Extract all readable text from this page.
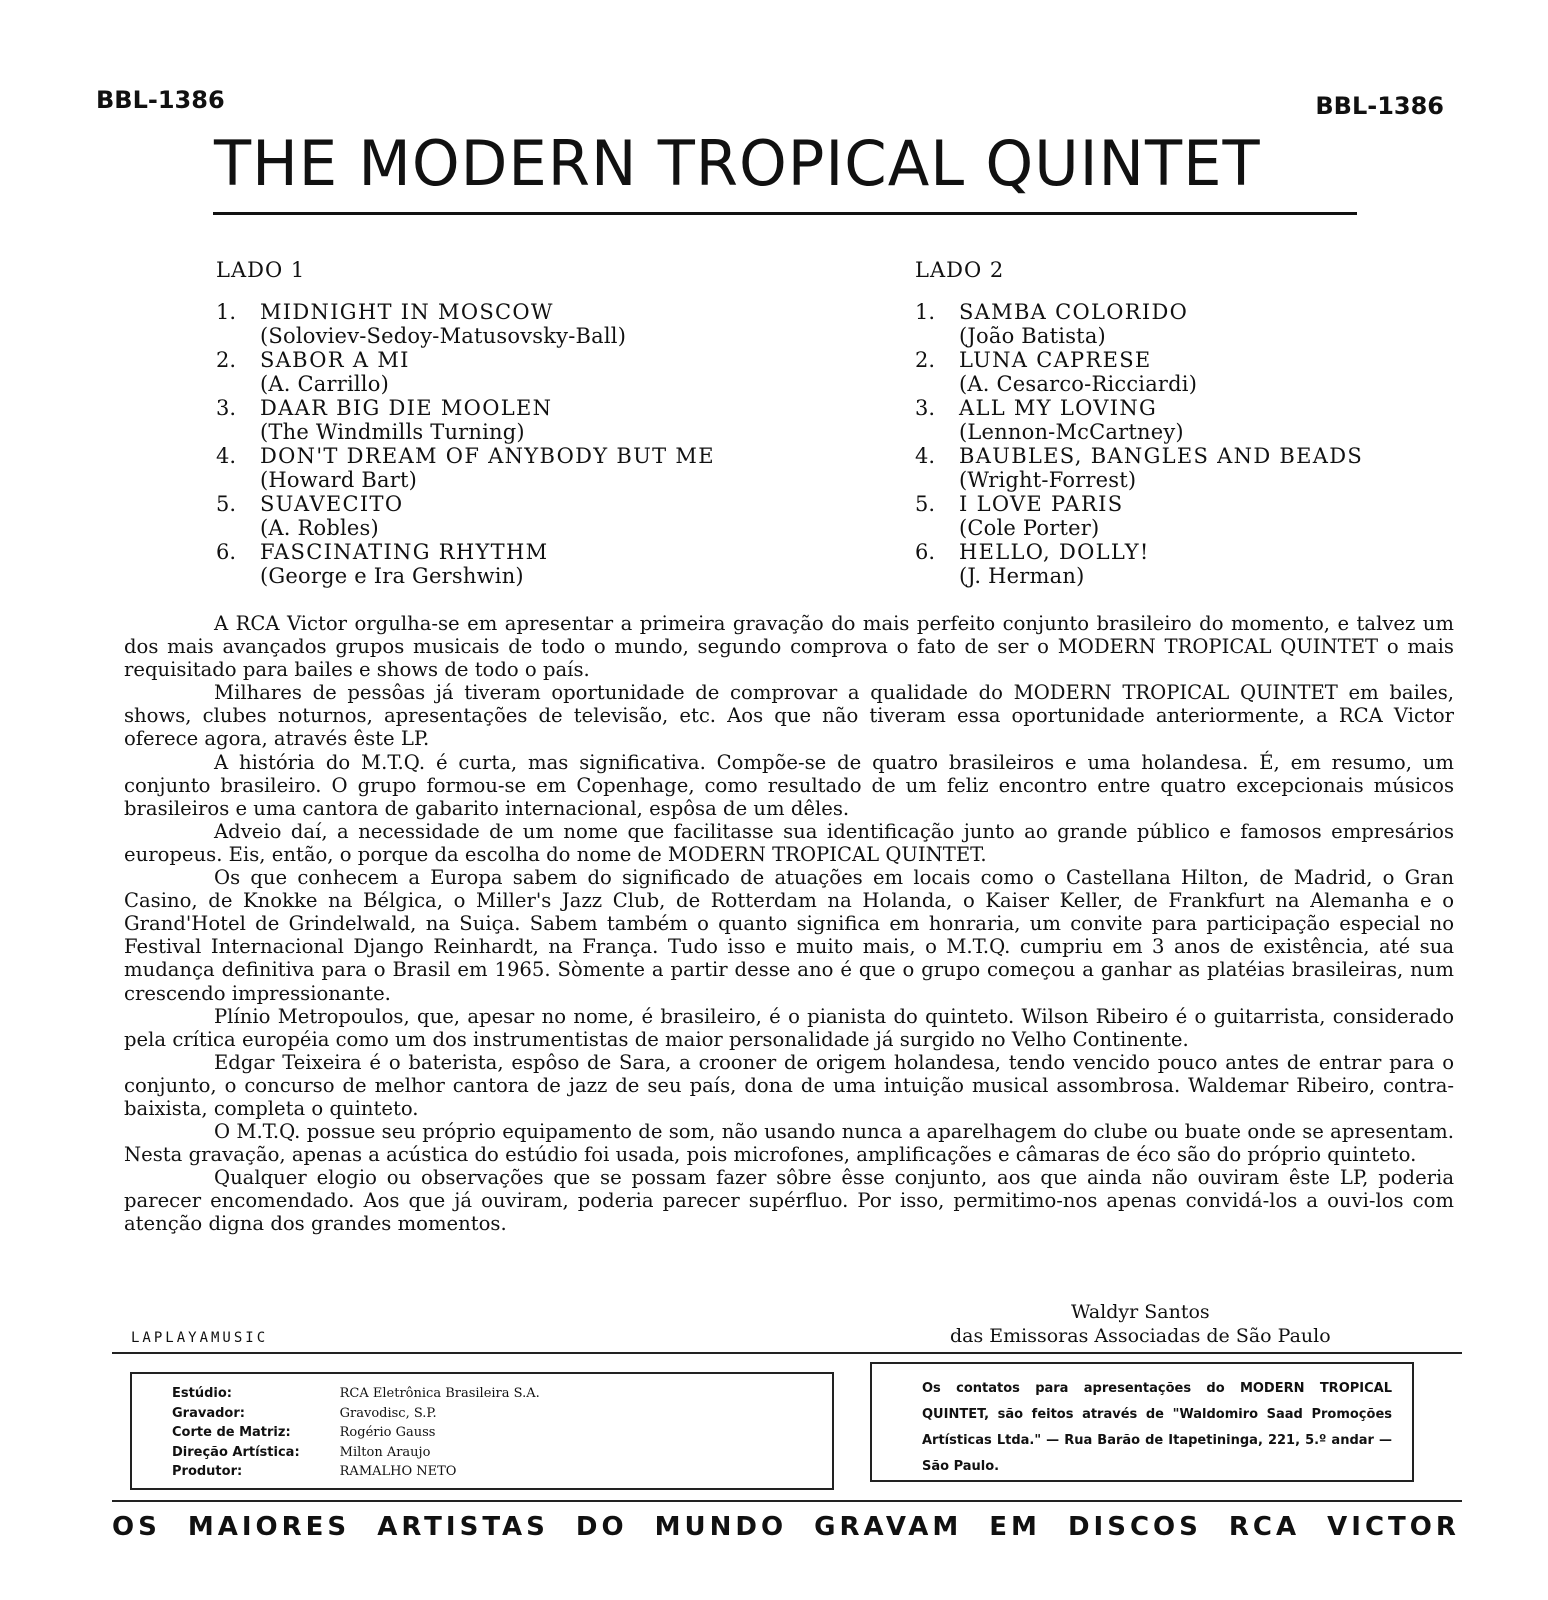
BBL-1386	BBL-1386
THE MODERN TROPICAL QUINTET
LADO 1
1.	MIDNIGHT IN MOSCOW
(Soloviev-Sedoy-Matusovsky-Ball)
2.	SABOR A MI
(A. Carrillo)
3.	DAAR BIG DIE MOOLEN
(The Windmills Turning)
4.	DON'T DREAM OF ANYBODY BUT ME
(Howard Bart)
5.	SUAVECITO
(A. Robles)
6.	FASCINATING RHYTHM
(George e Ira Gershwin)
LADO 2
1.	SAMBA COLORIDO
(João Batista)
2.	LUNA CAPRESE
(A. Cesarco-Ricciardi)
3.	ALL MY LOVING
(Lennon-McCartney)
4.	BAUBLES, BANGLES AND BEADS
(Wright-Forrest)
5.	I LOVE PARIS
(Cole Porter)
6.	HELLO, DOLLY!
(J. Herman)

A RCA Victor orgulha-se em apresentar a primeira gravação do mais perfeito conjunto brasileiro do momento, e talvez um dos mais avançados grupos musicais de todo o mundo, segundo comprova o fato de ser o MODERN TROPICAL QUINTET o mais requisitado para bailes e shows de todo o país.

Milhares de pessôas já tiveram oportunidade de comprovar a qualidade do MODERN TROPICAL QUINTET em bailes, shows, clubes noturnos, apresentações de televisão, etc. Aos que não tiveram essa oportunidade anteriormente, a RCA Victor oferece agora, através êste LP.

A história do M.T.Q. é curta, mas significativa. Compõe-se de quatro brasileiros e uma holandesa. É, em resumo, um conjunto brasileiro. O grupo formou-se em Copenhage, como resultado de um feliz encontro entre quatro excepcionais músicos brasileiros e uma cantora de gabarito internacional, espôsa de um dêles.

Adveio daí, a necessidade de um nome que facilitasse sua identificação junto ao grande público e famosos empresários europeus. Eis, então, o porque da escolha do nome de MODERN TROPICAL QUINTET.

Os que conhecem a Europa sabem do significado de atuações em locais como o Castellana Hilton, de Madrid, o Gran Casino, de Knokke na Bélgica, o Miller's Jazz Club, de Rotterdam na Holanda, o Kaiser Keller, de Frankfurt na Alemanha e o Grand'Hotel de Grindelwald, na Suiça. Sabem também o quanto significa em honraria, um convite para participação especial no Festival Internacional Django Reinhardt, na França. Tudo isso e muito mais, o M.T.Q. cumpriu em 3 anos de existência, até sua mudança definitiva para o Brasil em 1965. Sòmente a partir desse ano é que o grupo começou a ganhar as platéias brasileiras, num crescendo impressionante.

Plínio Metropoulos, que, apesar no nome, é brasileiro, é o pianista do quinteto. Wilson Ribeiro é o guitarrista, considerado pela crítica européia como um dos instrumentistas de maior personalidade já surgido no Velho Continente.

Edgar Teixeira é o baterista, espôso de Sara, a crooner de origem holandesa, tendo vencido pouco antes de entrar para o conjunto, o concurso de melhor cantora de jazz de seu país, dona de uma intuição musical assombrosa. Waldemar Ribeiro, contra-baixista, completa o quinteto.

O M.T.Q. possue seu próprio equipamento de som, não usando nunca a aparelhagem do clube ou buate onde se apresentam. Nesta gravação, apenas a acústica do estúdio foi usada, pois microfones, amplificações e câmaras de éco são do próprio quinteto.

Qualquer elogio ou observações que se possam fazer sôbre êsse conjunto, aos que ainda não ouviram êste LP, poderia parecer encomendado. Aos que já ouviram, poderia parecer supérfluo. Por isso, permitimo-nos apenas convidá-los a ouvi-los com atenção digna dos grandes momentos.

Waldyr Santos
das Emissoras Associadas de São Paulo
LAPLAYAMUSIC
Estúdio:	RCA Eletrônica Brasileira S.A.
Gravador:	Gravodisc, S.P.
Corte de Matriz:	Rogério Gauss
Direção Artística:	Milton Araujo
Produtor:	RAMALHO NETO

Os contatos para apresentações do MODERN TROPICAL QUINTET, são feitos através de "Waldomiro Saad Promoções Artísticas Ltda." — Rua Barão de Itapetininga, 221, 5.º andar — São Paulo.

OS MAIORES ARTISTAS DO MUNDO GRAVAM EM DISCOS RCA VICTOR
